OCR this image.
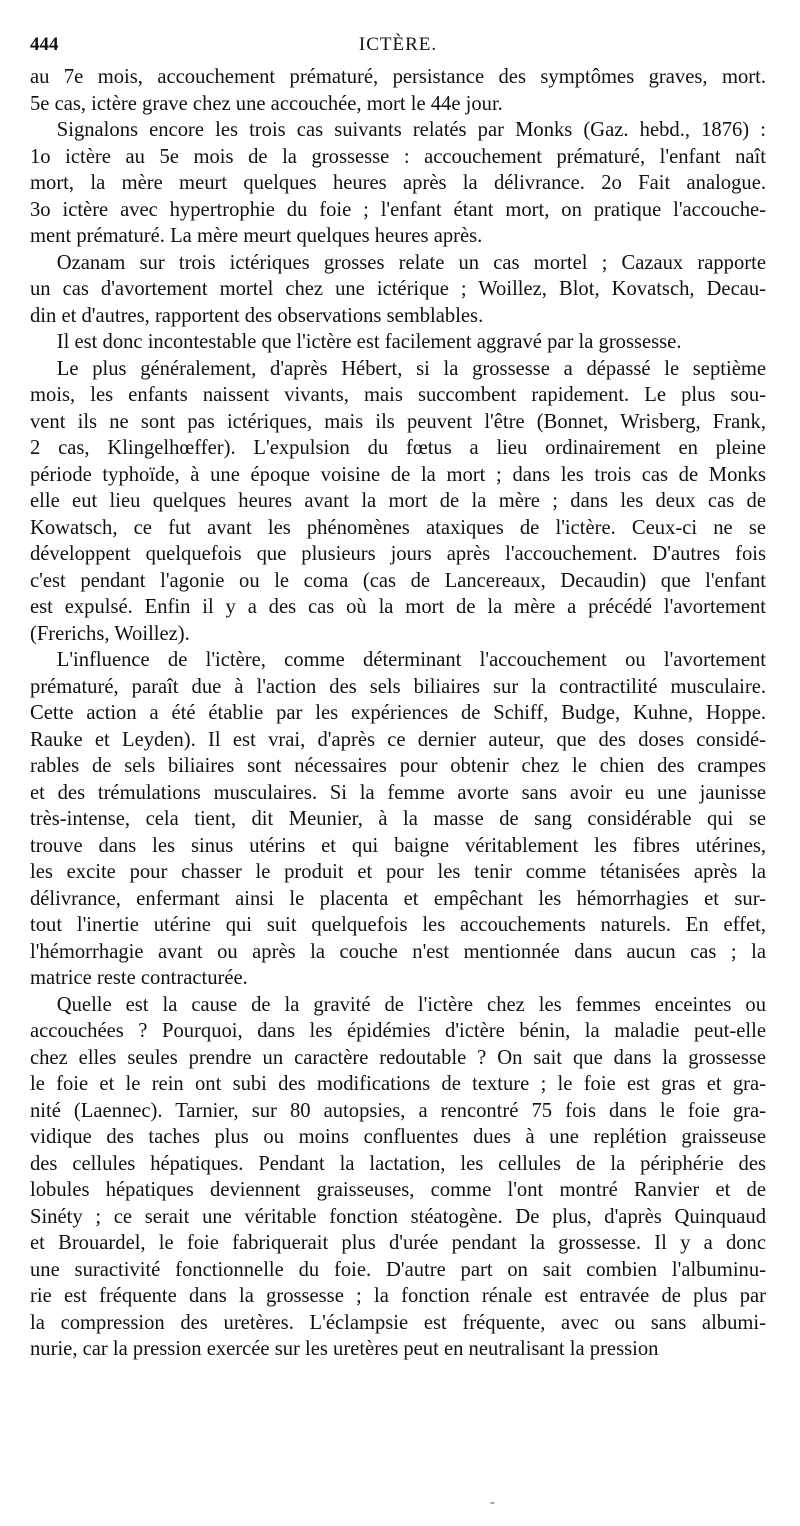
444	ICTÈRE.
au 7e mois, accouchement prématuré, persistance des symptômes graves, mort.
5e cas, ictère grave chez une accouchée, mort le 44e jour.
Signalons encore les trois cas suivants relatés par Monks (Gaz. hebd., 1876) :
1o ictère au 5e mois de la grossesse : accouchement prématuré, l'enfant naît
mort, la mère meurt quelques heures après la délivrance. 2o Fait analogue.
3o ictère avec hypertrophie du foie ; l'enfant étant mort, on pratique l'accouche-
ment prématuré. La mère meurt quelques heures après.
Ozanam sur trois ictériques grosses relate un cas mortel ; Cazaux rapporte
un cas d'avortement mortel chez une ictérique ; Woillez, Blot, Kovatsch, Decau-
din et d'autres, rapportent des observations semblables.
Il est donc incontestable que l'ictère est facilement aggravé par la grossesse.
Le plus généralement, d'après Hébert, si la grossesse a dépassé le septième
mois, les enfants naissent vivants, mais succombent rapidement. Le plus sou-
vent ils ne sont pas ictériques, mais ils peuvent l'être (Bonnet, Wrisberg, Frank,
2 cas, Klingelhœffer). L'expulsion du fœtus a lieu ordinairement en pleine
période typhoïde, à une époque voisine de la mort ; dans les trois cas de Monks
elle eut lieu quelques heures avant la mort de la mère ; dans les deux cas de
Kowatsch, ce fut avant les phénomènes ataxiques de l'ictère. Ceux-ci ne se
développent quelquefois que plusieurs jours après l'accouchement. D'autres fois
c'est pendant l'agonie ou le coma (cas de Lancereaux, Decaudin) que l'enfant
est expulsé. Enfin il y a des cas où la mort de la mère a précédé l'avortement
(Frerichs, Woillez).
L'influence de l'ictère, comme déterminant l'accouchement ou l'avortement
prématuré, paraît due à l'action des sels biliaires sur la contractilité musculaire.
Cette action a été établie par les expériences de Schiff, Budge, Kuhne, Hoppe.
Rauke et Leyden). Il est vrai, d'après ce dernier auteur, que des doses considé-
rables de sels biliaires sont nécessaires pour obtenir chez le chien des crampes
et des trémulations musculaires. Si la femme avorte sans avoir eu une jaunisse
très-intense, cela tient, dit Meunier, à la masse de sang considérable qui se
trouve dans les sinus utérins et qui baigne véritablement les fibres utérines,
les excite pour chasser le produit et pour les tenir comme tétanisées après la
délivrance, enfermant ainsi le placenta et empêchant les hémorrhagies et sur-
tout l'inertie utérine qui suit quelquefois les accouchements naturels. En effet,
l'hémorrhagie avant ou après la couche n'est mentionnée dans aucun cas ; la
matrice reste contracturée.
Quelle est la cause de la gravité de l'ictère chez les femmes enceintes ou
accouchées ? Pourquoi, dans les épidémies d'ictère bénin, la maladie peut-elle
chez elles seules prendre un caractère redoutable ? On sait que dans la grossesse
le foie et le rein ont subi des modifications de texture ; le foie est gras et gra-
nité (Laennec). Tarnier, sur 80 autopsies, a rencontré 75 fois dans le foie gra-
vidique des taches plus ou moins confluentes dues à une replétion graisseuse
des cellules hépatiques. Pendant la lactation, les cellules de la périphérie des
lobules hépatiques deviennent graisseuses, comme l'ont montré Ranvier et de
Sinéty ; ce serait une véritable fonction stéatogène. De plus, d'après Quinquaud
et Brouardel, le foie fabriquerait plus d'urée pendant la grossesse. Il y a donc
une suractivité fonctionnelle du foie. D'autre part on sait combien l'albuminu-
rie est fréquente dans la grossesse ; la fonction rénale est entravée de plus par
la compression des uretères. L'éclampsie est fréquente, avec ou sans albumi-
nurie, car la pression exercée sur les uretères peut en neutralisant la pression
-
